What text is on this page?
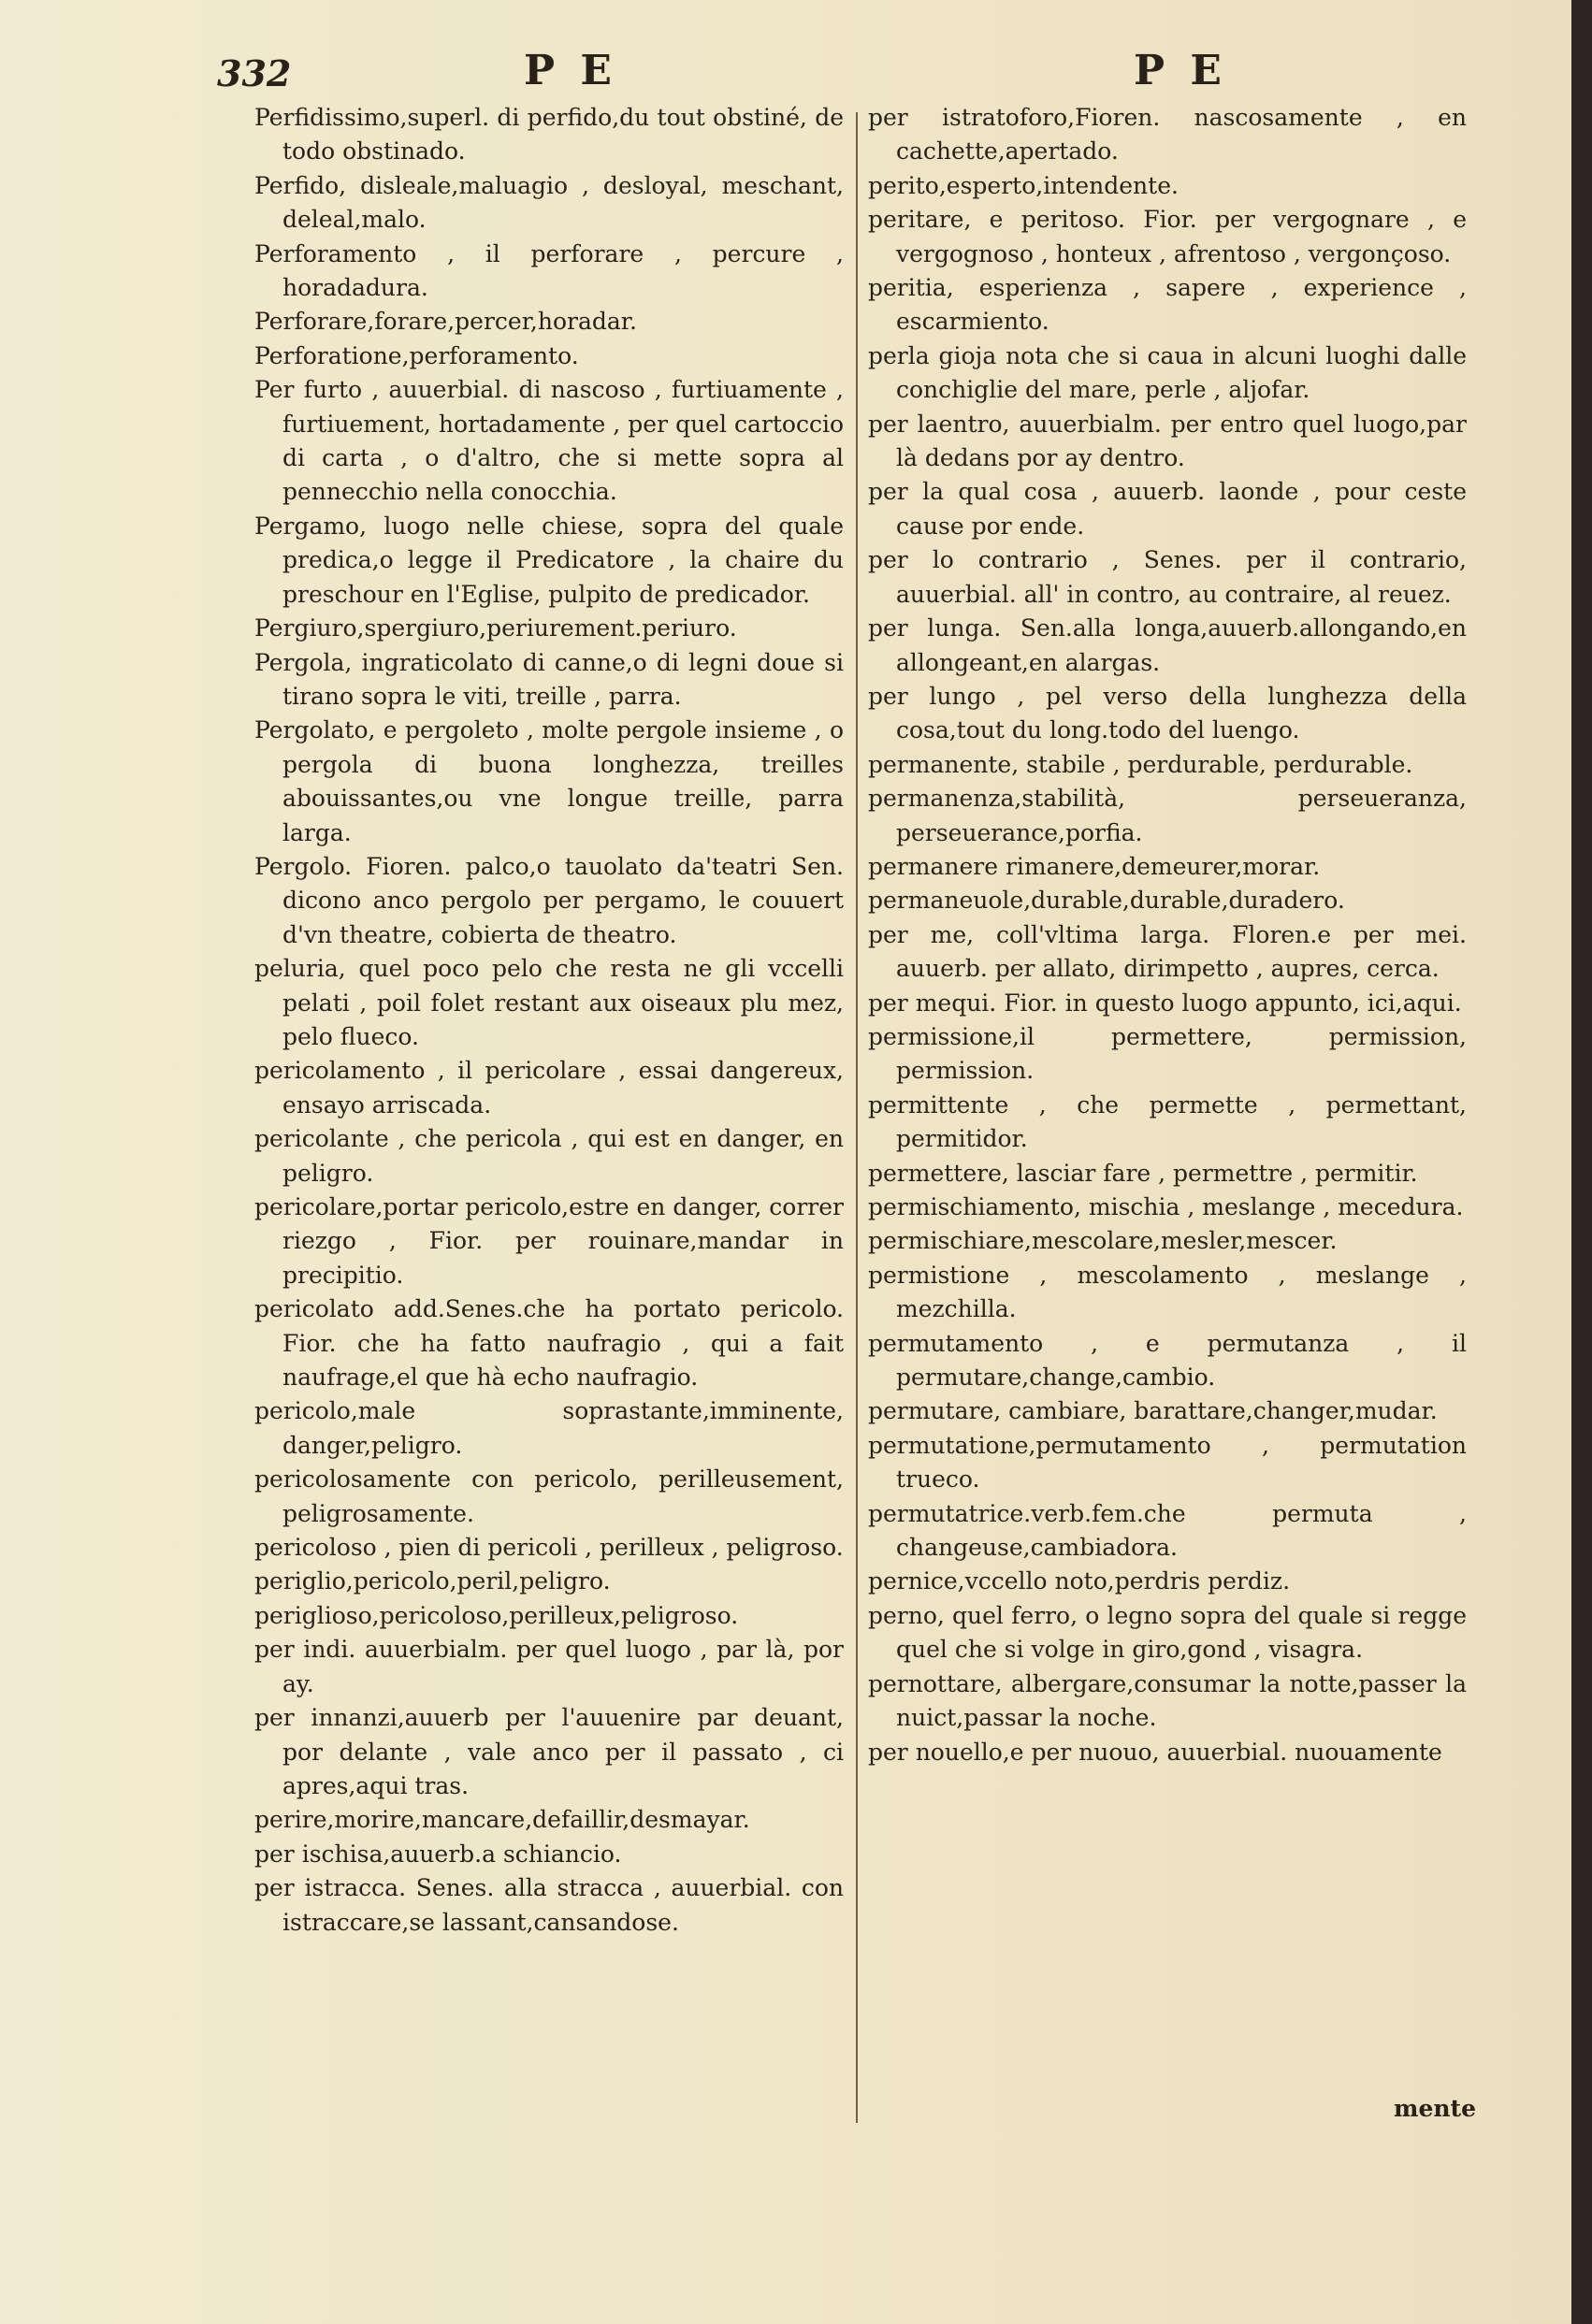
332	P E	P E
Perfidissimo,superl. di perfido,du tout obstiné, de todo obstinado.
Perfido, disleale,maluagio , desloyal, meschant, deleal,malo.
Perforamento , il perforare , percure , horadadura.
Perforare,forare,percer,horadar.
Perforatione,perforamento.
Per furto , auuerbial. di nascoso , furtiuamente , furtiuement, hortadamente , per quel cartoccio di carta , o d'altro, che si mette sopra al pennecchio nella conocchia.
Pergamo, luogo nelle chiese, sopra del quale predica,o legge il Predicatore , la chaire du preschour en l'Eglise, pulpito de predicador.
Pergiuro,spergiuro,periurement.periuro.
Pergola, ingraticolato di canne,o di legni doue si tirano sopra le viti, treille , parra.
Pergolato, e pergoleto , molte pergole insieme , o pergola di buona longhezza, treilles abouissantes,ou vne longue treille, parra larga.
Pergolo. Fioren. palco,o tauolato da'teatri Sen. dicono anco pergolo per pergamo, le couuert d'vn theatre, cobierta de theatro.
peluria, quel poco pelo che resta ne gli vccelli pelati , poil folet restant aux oiseaux plu mez, pelo flueco.
pericolamento , il pericolare , essai dangereux, ensayo arriscada.
pericolante , che pericola , qui est en danger, en peligro.
pericolare,portar pericolo,estre en danger, correr riezgo , Fior. per rouinare,mandar in precipitio.
pericolato add.Senes.che ha portato pericolo. Fior. che ha fatto naufragio , qui a fait naufrage,el que hà echo naufragio.
pericolo,male soprastante,imminente, danger,peligro.
pericolosamente con pericolo, perilleusement, peligrosamente.
pericoloso , pien di pericoli , perilleux , peligroso.
periglio,pericolo,peril,peligro.
periglioso,pericoloso,perilleux,peligroso.
per indi. auuerbialm. per quel luogo , par là, por ay.
per innanzi,auuerb per l'auuenire par deuant, por delante , vale anco per il passato , ci apres,aqui tras.
perire,morire,mancare,defaillir,desmayar.
per ischisa,auuerb.a schiancio.
per istracca. Senes. alla stracca , auuerbial. con istraccare,se lassant,cansandose.
per istratoforo,Fioren. nascosamente , en cachette,apertado.
perito,esperto,intendente.
peritare, e peritoso. Fior. per vergognare , e vergognoso , honteux , afrentoso , vergonçoso.
peritia, esperienza , sapere , experience , escarmiento.
perla gioja nota che si caua in alcuni luoghi dalle conchiglie del mare, perle , aljofar.
per laentro, auuerbialm. per entro quel luogo,par là dedans por ay dentro.
per la qual cosa , auuerb. laonde , pour ceste cause por ende.
per lo contrario , Senes. per il contrario, auuerbial. all' in contro, au contraire, al reuez.
per lunga. Sen.alla longa,auuerb.allongando,en allongeant,en alargas.
per lungo , pel verso della lunghezza della cosa,tout du long.todo del luengo.
permanente, stabile , perdurable, perdurable.
permanenza,stabilità, perseueranza, perseuerance,porfia.
permanere rimanere,demeurer,morar.
permaneuole,durable,durable,duradero.
per me, coll'vltima larga. Floren.e per mei. auuerb. per allato, dirimpetto , aupres, cerca.
per mequi. Fior. in questo luogo appunto, ici,aqui.
permissione,il permettere, permission, permission.
permittente , che permette , permettant, permitidor.
permettere, lasciar fare , permettre , permitir.
permischiamento, mischia , meslange , mecedura.
permischiare,mescolare,mesler,mescer.
permistione , mescolamento , meslange , mezchilla.
permutamento , e permutanza , il permutare,change,cambio.
permutare, cambiare, barattare,changer,mudar.
permutatione,permutamento , permutation trueco.
permutatrice.verb.fem.che permuta , changeuse,cambiadora.
pernice,vccello noto,perdris perdiz.
perno, quel ferro, o legno sopra del quale si regge quel che si volge in giro,gond , visagra.
pernottare, albergare,consumar la notte,passer la nuict,passar la noche.
per nouello,e per nuouo, auuerbial. nuouamente
mente
